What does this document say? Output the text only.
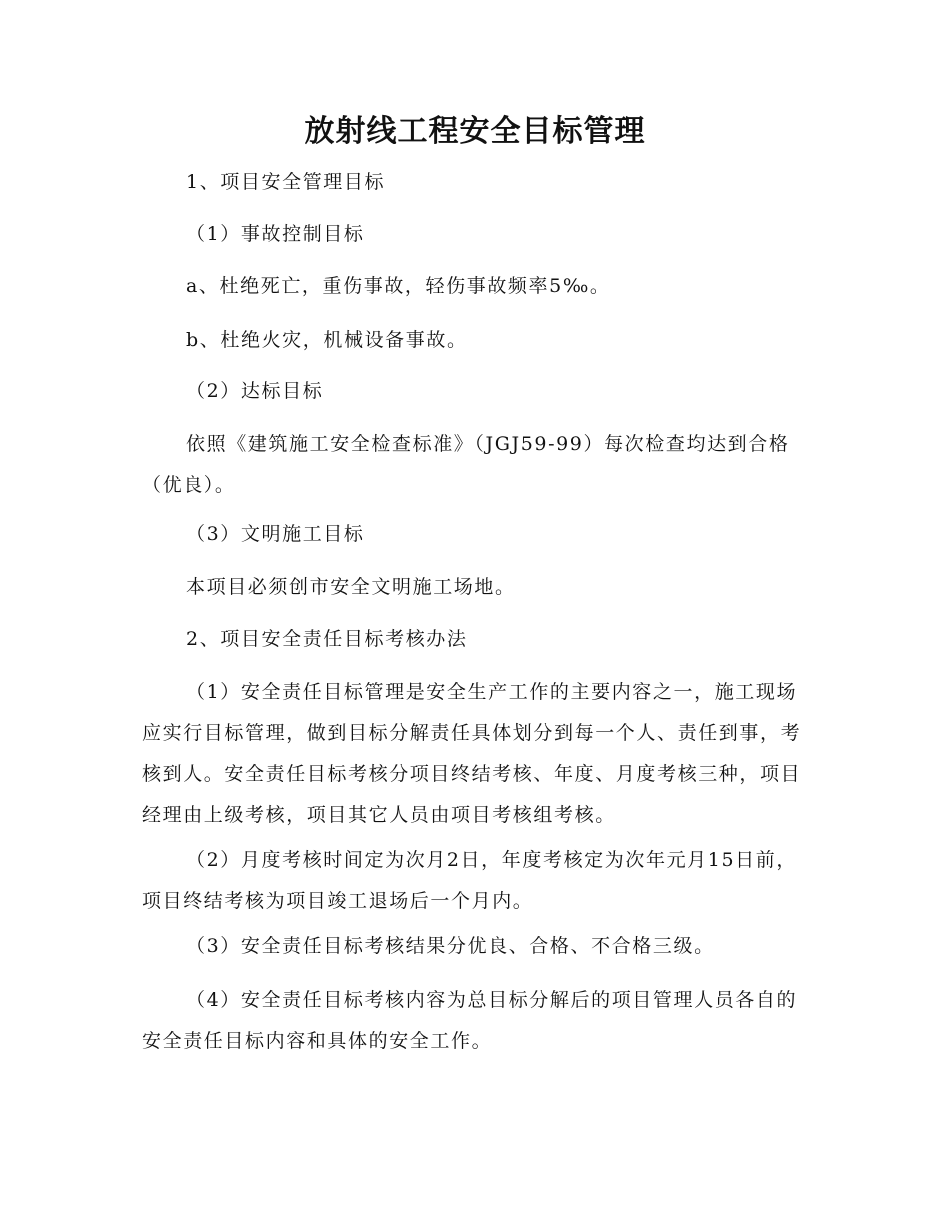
放射线工程安全目标管理
1、项目安全管理目标
（1）事故控制目标
a、杜绝死亡，重伤事故，轻伤事故频率5‰。
b、杜绝火灾，机械设备事故。
（2）达标目标
依照《建筑施工安全检查标准》（JGJ59-99）每次检查均达到合格（优良）。
（3）文明施工目标
本项目必须创市安全文明施工场地。
2、项目安全责任目标考核办法
（1）安全责任目标管理是安全生产工作的主要内容之一，施工现场应实行目标管理，做到目标分解责任具体划分到每一个人、责任到事，考核到人。安全责任目标考核分项目终结考核、年度、月度考核三种，项目经理由上级考核，项目其它人员由项目考核组考核。
（2）月度考核时间定为次月2日，年度考核定为次年元月15日前，项目终结考核为项目竣工退场后一个月内。
（3）安全责任目标考核结果分优良、合格、不合格三级。
（4）安全责任目标考核内容为总目标分解后的项目管理人员各自的安全责任目标内容和具体的安全工作。
